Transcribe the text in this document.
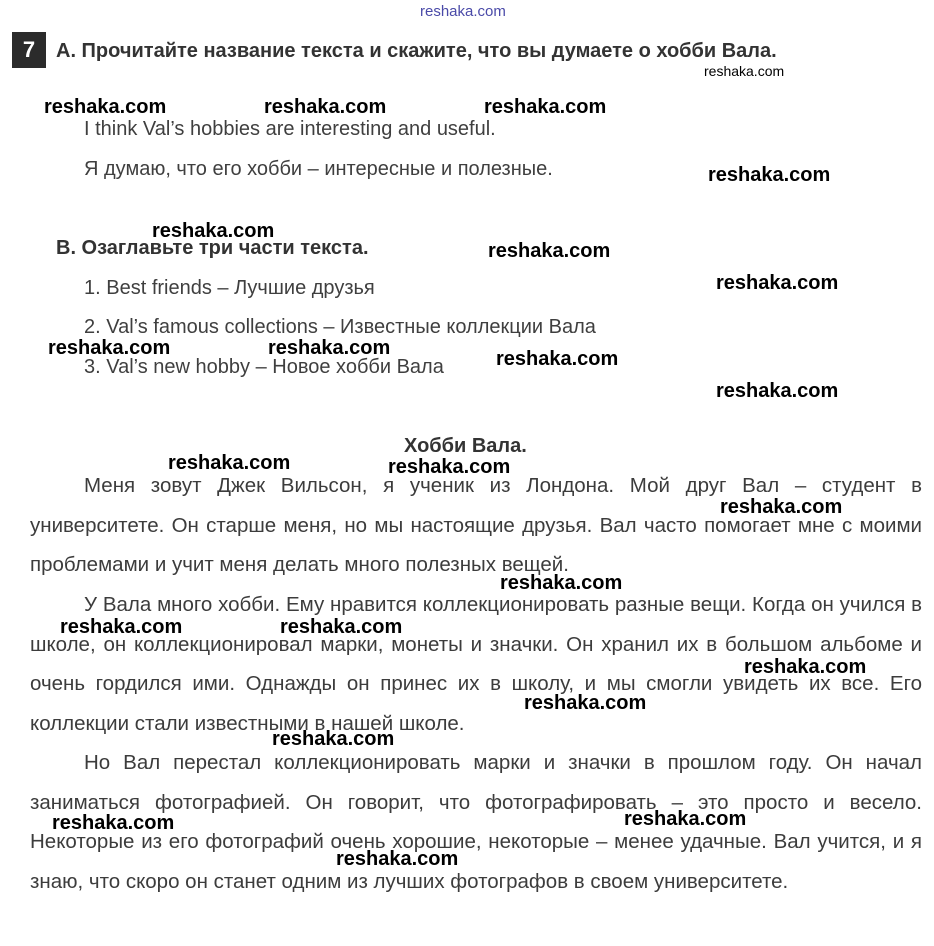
reshaka.com
7	A. Прочитайте название текста и скажите, что вы думаете о хобби Вала.
I think Val’s hobbies are interesting and useful.
Я думаю, что его хобби – интересные и полезные.
B. Озаглавьте три части текста.
1. Best friends – Лучшие друзья
2. Val’s famous collections – Известные коллекции Вала
3. Val’s new hobby – Новое хобби Вала
Хобби Вала.
Меня зовут Джек Вильсон, я ученик из Лондона. Мой друг Вал – студент в университете. Он старше меня, но мы настоящие друзья. Вал часто помогает мне с моими проблемами и учит меня делать много полезных вещей.
У Вала много хобби. Ему нравится коллекционировать разные вещи. Когда он учился в школе, он коллекционировал марки, монеты и значки. Он хранил их в большом альбоме и очень гордился ими. Однажды он принес их в школу, и мы смогли увидеть их все. Его коллекции стали известными в нашей школе.
Но Вал перестал коллекционировать марки и значки в прошлом году. Он начал заниматься фотографией. Он говорит, что фотографировать – это просто и весело. Некоторые из его фотографий очень хорошие, некоторые – менее удачные. Вал учится, и я знаю, что скоро он станет одним из лучших фотографов в своем университете.
reshaka.com
reshaka.com	reshaka.com	reshaka.com
reshaka.com
reshaka.com
reshaka.com
reshaka.com
reshaka.com	reshaka.com	reshaka.com
reshaka.com
reshaka.com	reshaka.com
reshaka.com
reshaka.com
reshaka.com	reshaka.com
reshaka.com
reshaka.com
reshaka.com
reshaka.com
reshaka.com
reshaka.com
